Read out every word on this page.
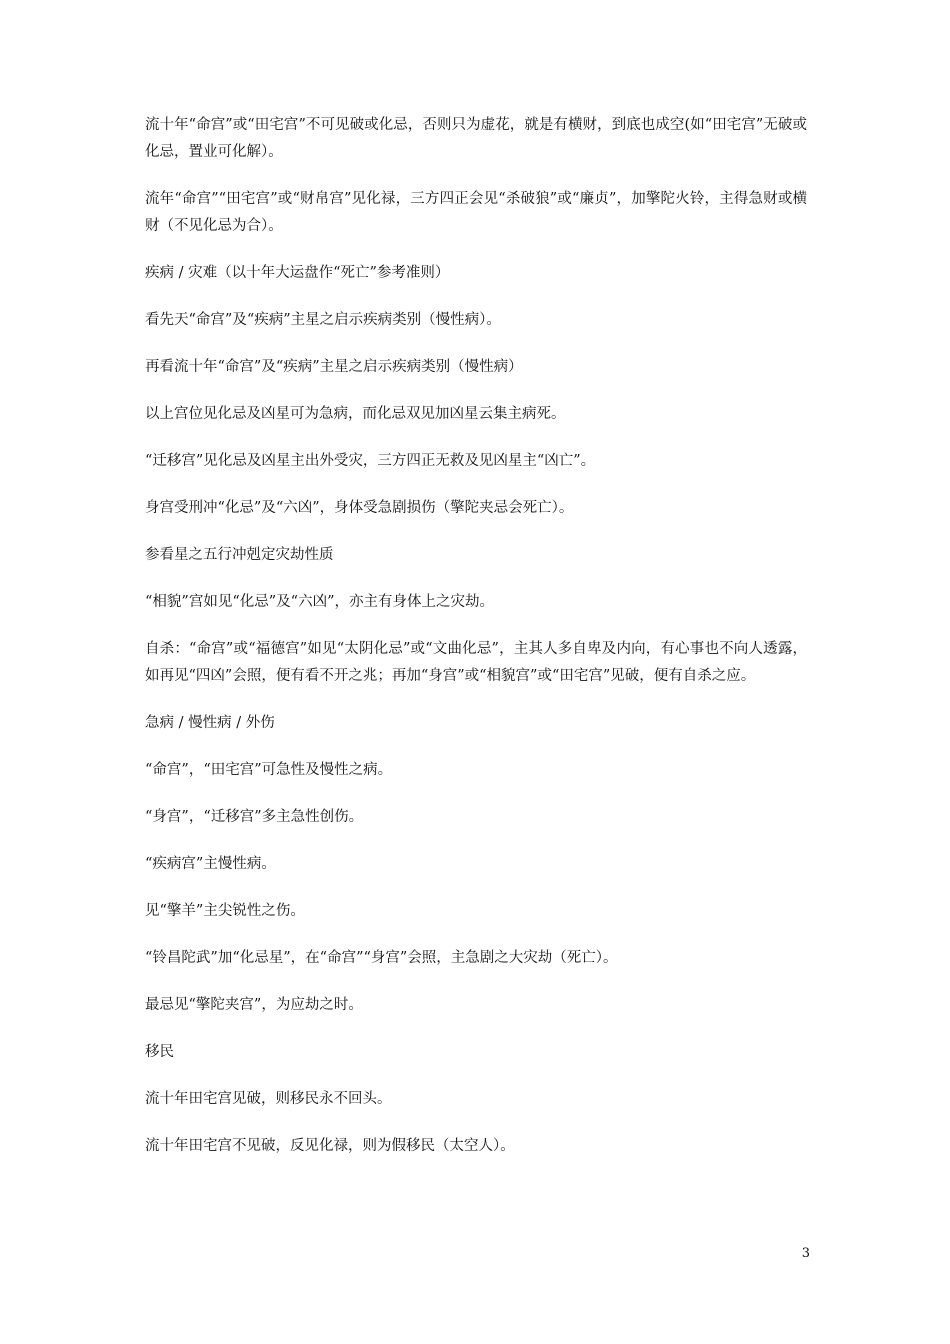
流十年“命宫”或“田宅宫”不可见破或化忌，否则只为虚花，就是有横财，到底也成空(如“田宅宫”无破或化忌，置业可化解）。

流年“命宫”“田宅宫”或“财帛宫”见化禄，三方四正会见“杀破狼”或“廉贞”，加擎陀火铃，主得急财或横财（不见化忌为合）。

疾病 / 灾难（以十年大运盘作“死亡”参考准则）

看先天“命宫”及“疾病”主星之启示疾病类别（慢性病）。

再看流十年“命宫”及“疾病”主星之启示疾病类别（慢性病）

以上宫位见化忌及凶星可为急病，而化忌双见加凶星云集主病死。

“迁移宫”见化忌及凶星主出外受灾，三方四正无救及见凶星主“凶亡”。

身宫受刑冲“化忌”及“六凶”，身体受急剧损伤（擎陀夹忌会死亡）。

参看星之五行冲剋定灾劫性质

“相貌”宫如见“化忌”及“六凶”，亦主有身体上之灾劫。

自杀：“命宫”或“福德宫”如见“太阴化忌”或“文曲化忌”，主其人多自卑及内向，有心事也不向人透露，如再见“四凶”会照，便有看不开之兆；再加“身宫”或“相貌宫”或“田宅宫”见破，便有自杀之应。

急病 / 慢性病 / 外伤

“命宫”，“田宅宫”可急性及慢性之病。

“身宫”，“迁移宫”多主急性创伤。

“疾病宫”主慢性病。

见“擎羊”主尖锐性之伤。

“铃昌陀武”加“化忌星”，在“命宫”“身宫”会照，主急剧之大灾劫（死亡）。

最忌见“擎陀夹宫”，为应劫之时。

移民

流十年田宅宫见破，则移民永不回头。

流十年田宅宫不见破，反见化禄，则为假移民（太空人）。

3
